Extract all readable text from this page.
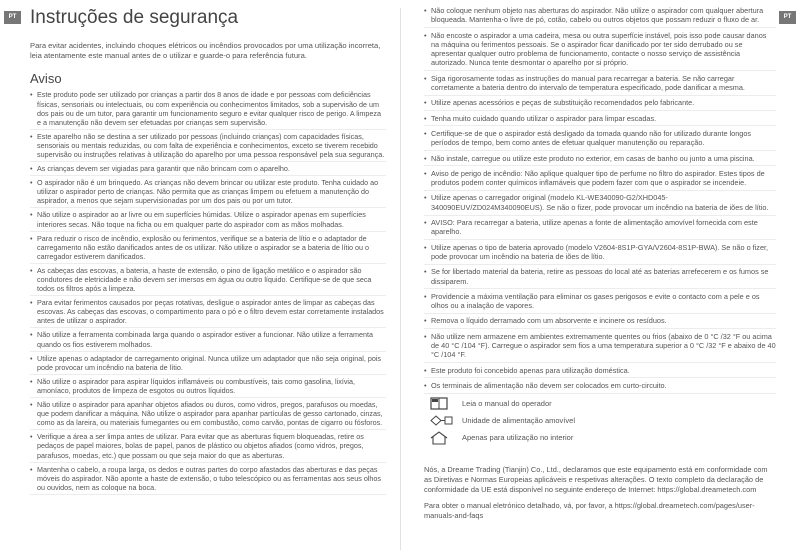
PT	PT
Instruções de segurança

Para evitar acidentes, incluindo choques elétricos ou incêndios provocados por uma utilização incorreta, leia atentamente este manual antes de o utilizar e guarde-o para referência futura.

Aviso
• Este produto pode ser utilizado por crianças a partir dos 8 anos de idade e por pessoas com deficiências físicas, sensoriais ou intelectuais, ou com experiência ou conhecimentos limitados, sob a supervisão de um dos pais ou de um tutor, para garantir um funcionamento seguro e evitar qualquer risco de perigo. A limpeza e a manutenção não devem ser efetuadas por crianças sem supervisão.
• Este aparelho não se destina a ser utilizado por pessoas (incluindo crianças) com capacidades físicas, sensoriais ou mentais reduzidas, ou com falta de experiência e conhecimentos, exceto se tiverem recebido supervisão ou instruções relativas à utilização do aparelho por uma pessoa responsável pela sua segurança.
• As crianças devem ser vigiadas para garantir que não brincam com o aparelho.
• O aspirador não é um brinquedo. As crianças não devem brincar ou utilizar este produto. Tenha cuidado ao utilizar o aspirador perto de crianças. Não permita que as crianças limpem ou efetuem a manutenção do aspirador, a menos que sejam supervisionadas por um dos pais ou por um tutor.
• Não utilize o aspirador ao ar livre ou em superfícies húmidas. Utilize o aspirador apenas em superfícies interiores secas. Não toque na ficha ou em qualquer parte do aspirador com as mãos molhadas.
• Para reduzir o risco de incêndio, explosão ou ferimentos, verifique se a bateria de lítio e o adaptador de carregamento não estão danificados antes de os utilizar. Não utilize o aspirador se a bateria de lítio ou o carregador estiverem danificados.
• As cabeças das escovas, a bateria, a haste de extensão, o pino de ligação metálico e o aspirador são condutores de eletricidade e não devem ser imersos em água ou outro líquido. Certifique-se de que seca todos os filtros após a limpeza.
• Para evitar ferimentos causados por peças rotativas, desligue o aspirador antes de limpar as cabeças das escovas. As cabeças das escovas, o compartimento para o pó e o filtro devem estar corretamente instalados antes de utilizar o aspirador.
• Não utilize a ferramenta combinada larga quando o aspirador estiver a funcionar. Não utilize a ferramenta quando os fios estiverem molhados.
• Utilize apenas o adaptador de carregamento original. Nunca utilize um adaptador que não seja original, pois pode provocar um incêndio na bateria de lítio.
• Não utilize o aspirador para aspirar líquidos inflamáveis ou combustíveis, tais como gasolina, lixívia, amoníaco, produtos de limpeza de esgotos ou outros líquidos.
• Não utilize o aspirador para apanhar objetos afiados ou duros, como vidros, pregos, parafusos ou moedas, que podem danificar a máquina. Não utilize o aspirador para apanhar partículas de gesso cartonado, cinzas, como as da lareira, ou materiais fumegantes ou em combustão, como carvão, pontas de cigarro ou fósforos.
• Verifique a área a ser limpa antes de utilizar. Para evitar que as aberturas fiquem bloqueadas, retire os pedaços de papel maiores, bolas de papel, panos de plástico ou objetos afiados (como vidros, pregos, parafusos, moedas, etc.) que possam ou que seja maior do que as aberturas.
• Mantenha o cabelo, a roupa larga, os dedos e outras partes do corpo afastados das aberturas e das peças móveis do aspirador. Não aponte a haste de extensão, o tubo telescópico ou as ferramentas aos seus olhos ou ouvidos, nem as coloque na boca.
• Não coloque nenhum objeto nas aberturas do aspirador. Não utilize o aspirador com qualquer abertura bloqueada. Mantenha-o livre de pó, cotão, cabelo ou outros objetos que possam reduzir o fluxo de ar.
• Não encoste o aspirador a uma cadeira, mesa ou outra superfície instável, pois isso pode causar danos na máquina ou ferimentos pessoais. Se o aspirador ficar danificado por ter sido derrubado ou se apresentar qualquer outro problema de funcionamento, contacte o nosso serviço de assistência autorizado. Nunca tente desmontar o aparelho por si próprio.
• Siga rigorosamente todas as instruções do manual para recarregar a bateria. Se não carregar corretamente a bateria dentro do intervalo de temperatura especificado, pode danificar a mesma.
• Utilize apenas acessórios e peças de substituição recomendados pelo fabricante.
• Tenha muito cuidado quando utilizar o aspirador para limpar escadas.
• Certifique-se de que o aspirador está desligado da tomada quando não for utilizado durante longos períodos de tempo, bem como antes de efetuar qualquer manutenção ou reparação.
• Não instale, carregue ou utilize este produto no exterior, em casas de banho ou junto a uma piscina.
• Aviso de perigo de incêndio: Não aplique qualquer tipo de perfume no filtro do aspirador. Estes tipos de produtos podem conter químicos inflamáveis que podem fazer com que o aspirador se incendeie.
• Utilize apenas o carregador original (modelo KL-WE340090-G2/XHD045-340090EUV/ZD024M340090EUS). Se não o fizer, pode provocar um incêndio na bateria de iões de lítio.
• AVISO: Para recarregar a bateria, utilize apenas a fonte de alimentação amovível fornecida com este aparelho.
• Utilize apenas o tipo de bateria aprovado (modelo V2604-8S1P-GYA/V2604-8S1P-BWA). Se não o fizer, pode provocar um incêndio na bateria de iões de lítio.
• Se for libertado material da bateria, retire as pessoas do local até as baterias arrefecerem e os fumos se dissiparem.
• Providencie a máxima ventilação para eliminar os gases perigosos e evite o contacto com a pele e os olhos ou a inalação de vapores.
• Remova o líquido derramado com um absorvente e incinere os resíduos.
• Não utilize nem armazene em ambientes extremamente quentes ou frios (abaixo de 0 °C /32 °F ou acima de 40 °C /104 °F). Carregue o aspirador sem fios a uma temperatura superior a 0 °C /32 °F e abaixo de 40 °C /104 °F.
• Este produto foi concebido apenas para utilização doméstica.
• Os terminais de alimentação não devem ser colocados em curto-circuito.
Leia o manual do operador
Unidade de alimentação amovível
Apenas para utilização no interior

Nós, a Dreame Trading (Tianjin) Co., Ltd., declaramos que este equipamento está em conformidade com as Diretivas e Normas Europeias aplicáveis e respetivas alterações. O texto completo da declaração de conformidade da UE está disponível no seguinte endereço de Internet: https://global.dreametech.com

Para obter o manual eletrónico detalhado, vá, por favor, a https://global.dreametech.com/pages/user-manuals-and-faqs
